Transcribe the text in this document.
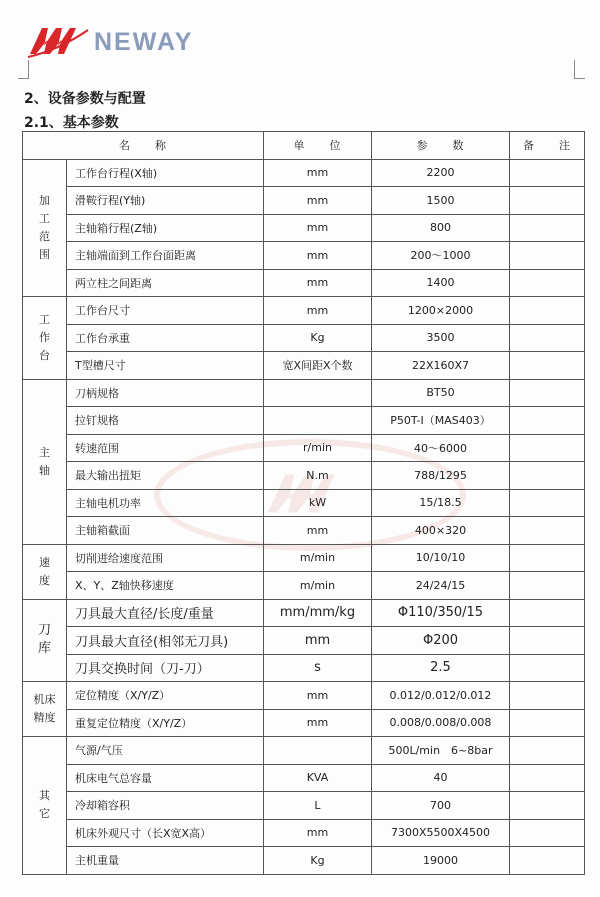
NEWAY
2、设备参数与配置
2.1、基本参数
名　　称		单　　位	参　　数	备　　注
加工范围	工作台行程(X轴)	mm	2200	
	滑鞍行程(Y轴)	mm	1500	
	主轴箱行程(Z轴)	mm	800	
	主轴端面到工作台面距离	mm	200～1000	
	两立柱之间距离	mm	1400	
工作台	工作台尺寸	mm	1200×2000	
	工作台承重	Kg	3500	
	T型槽尺寸	宽X间距X个数	22X160X7	
主轴	刀柄规格		BT50	
	拉钉规格		P50T-I（MAS403）	
	转速范围	r/min	40～6000	
	最大输出扭矩	N.m	788/1295	
	主轴电机功率	kW	15/18.5	
	主轴箱截面	mm	400×320	
速度	切削进给速度范围	m/min	10/10/10	
	X、Y、Z轴快移速度	m/min	24/24/15	
刀库	刀具最大直径/长度/重量	mm/mm/kg	Φ110/350/15	
	刀具最大直径(相邻无刀具)	mm	Φ200	
	刀具交换时间（刀-刀）	s	2.5	
机床精度	定位精度（X/Y/Z）	mm	0.012/0.012/0.012	
	重复定位精度（X/Y/Z）	mm	0.008/0.008/0.008	
其它	气源/气压		500L/min　6~8bar	
	机床电气总容量	KVA	40	
	冷却箱容积	L	700	
	机床外观尺寸（长X宽X高）	mm	7300X5500X4500	
	主机重量	Kg	19000	
